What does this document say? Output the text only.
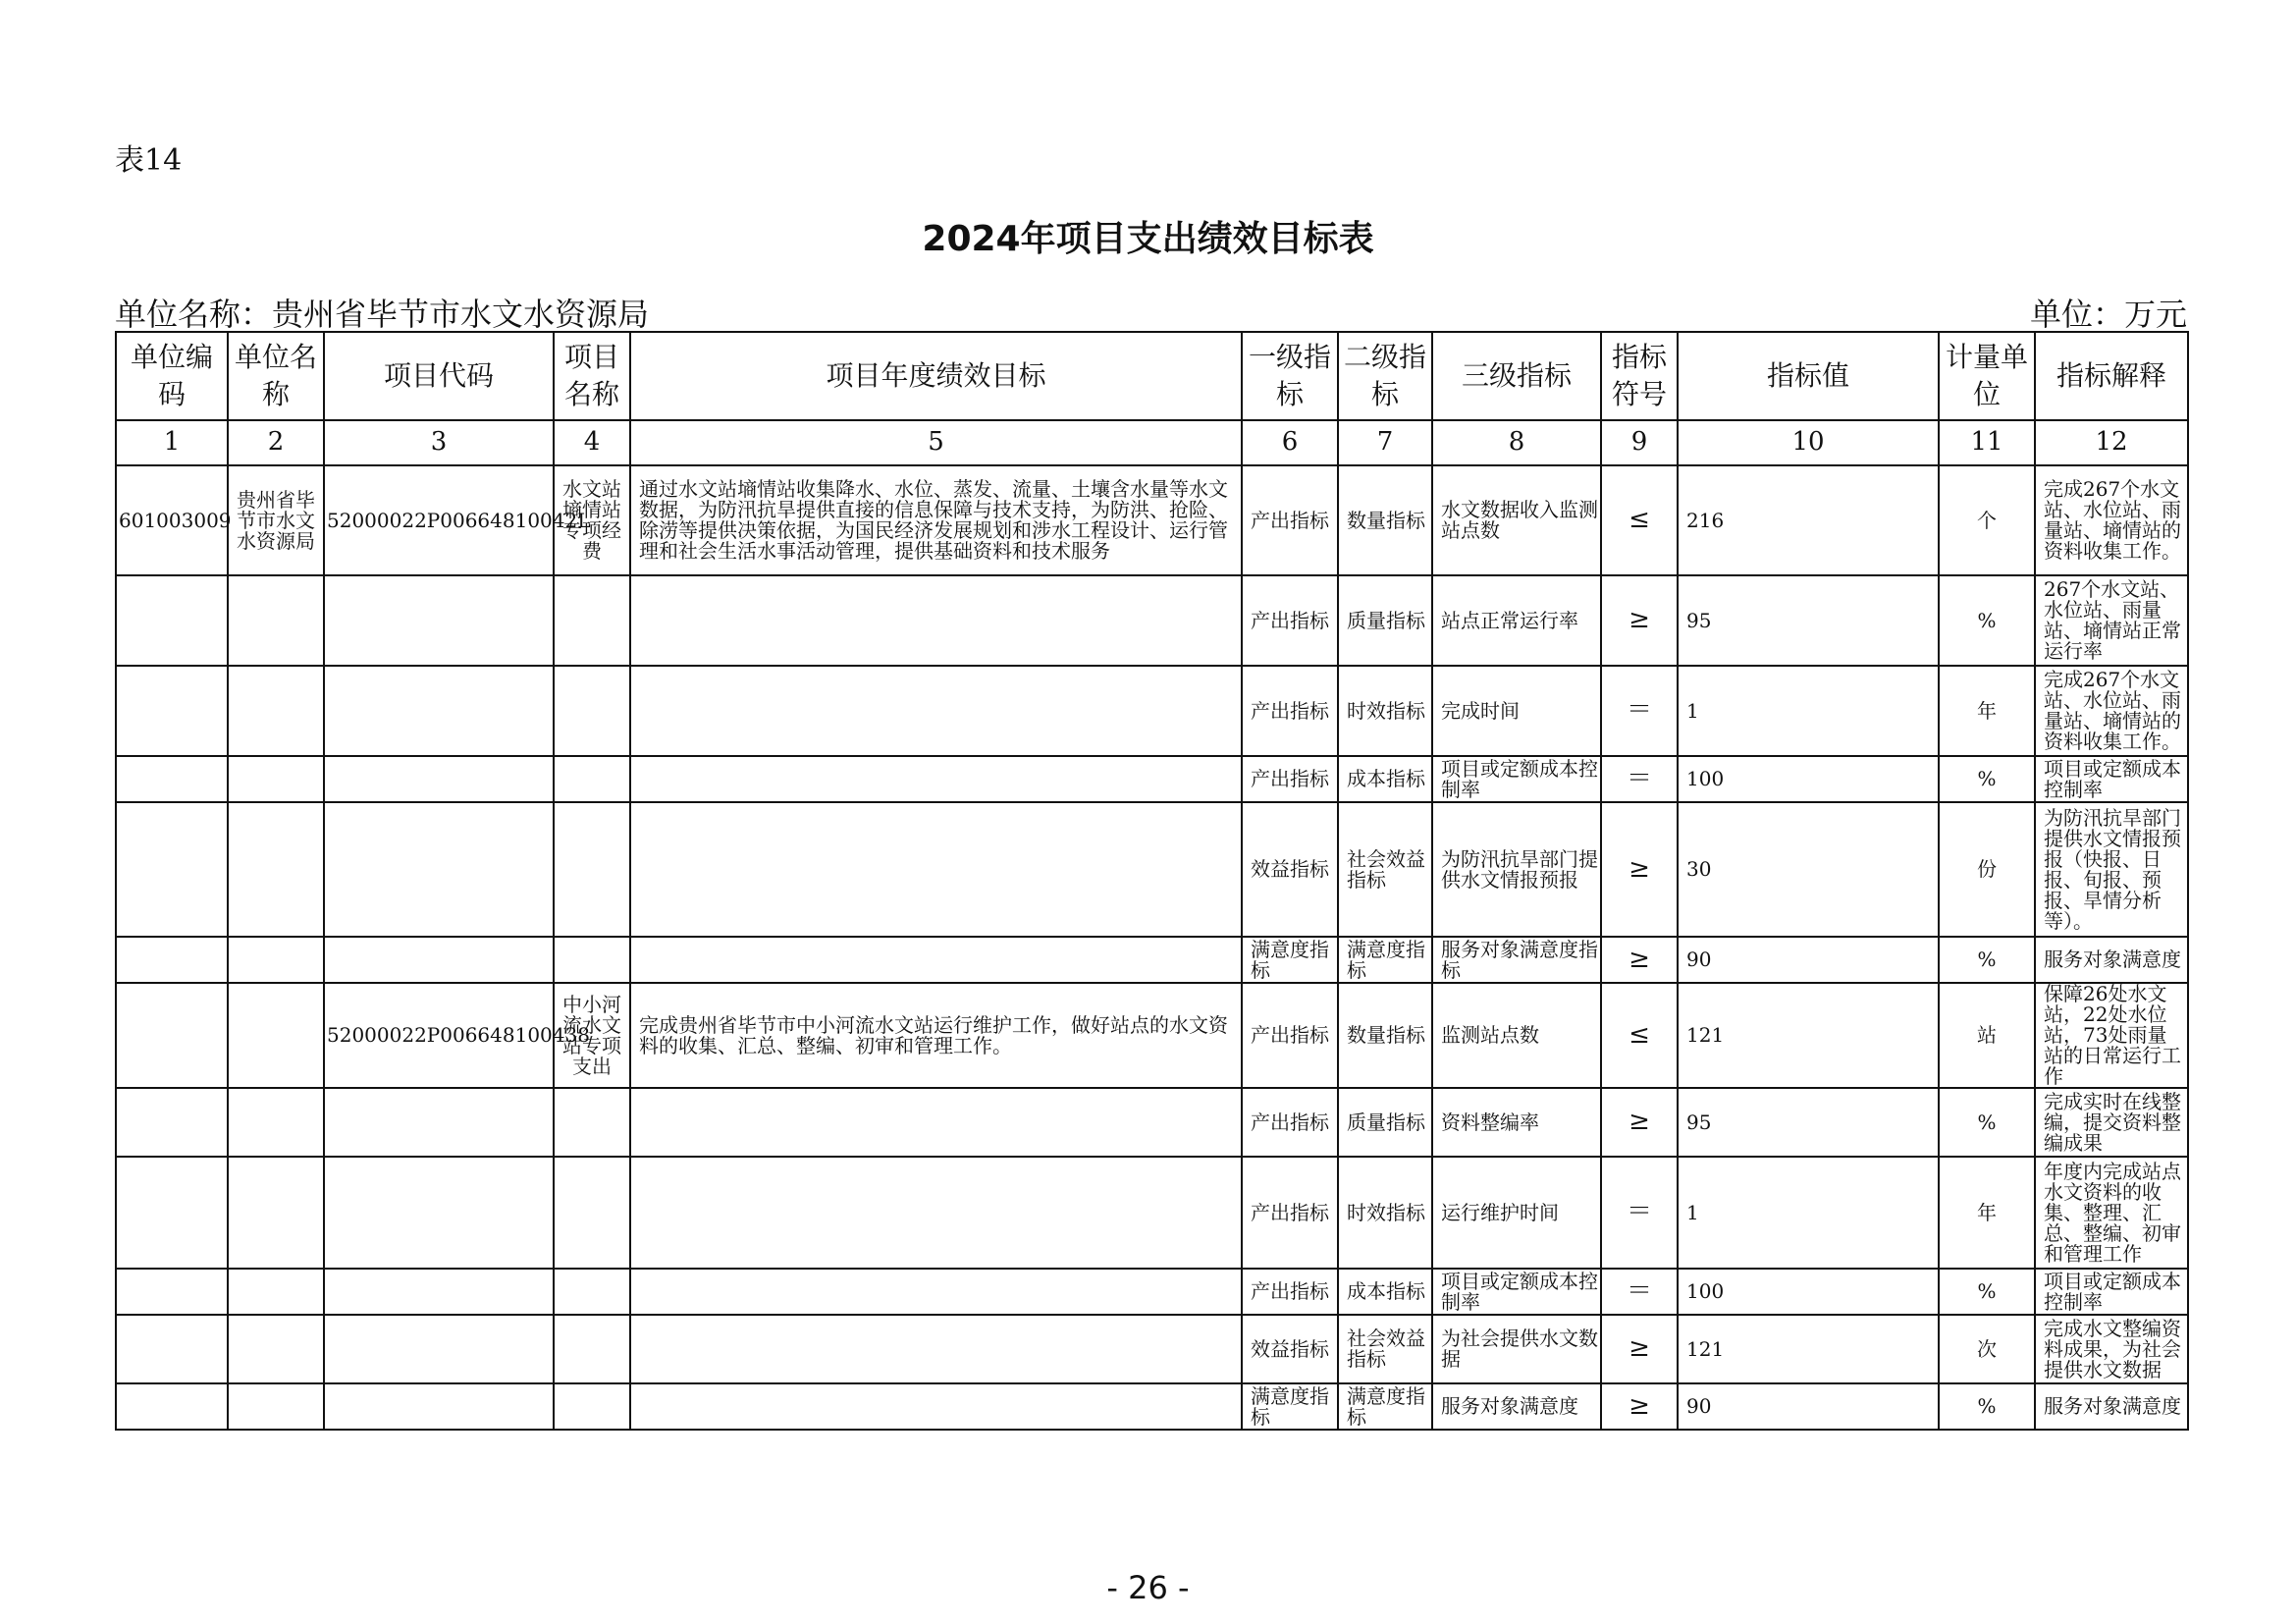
表14
2024年项目支出绩效目标表
单位名称：贵州省毕节市水文水资源局	单位：万元
单位编码	单位名称	项目代码	项目名称	项目年度绩效目标	一级指标	二级指标	三级指标	指标符号	指标值	计量单位	指标解释
1	2	3	4	5	6	7	8	9	10	11	12
601003009	贵州省毕节市水文水资源局	52000022P00664810042L	水文站墒情站专项经费	通过水文站墒情站收集降水、水位、蒸发、流量、土壤含水量等水文数据，为防汛抗旱提供直接的信息保障与技术支持，为防洪、抢险、除涝等提供决策依据，为国民经济发展规划和涉水工程设计、运行管理和社会生活水事活动管理，提供基础资料和技术服务	产出指标	数量指标	水文数据收入监测站点数	≤	216	个	完成267个水文站、水位站、雨量站、墒情站的资料收集工作。
					产出指标	质量指标	站点正常运行率	≥	95	%	267个水文站、水位站、雨量站、墒情站正常运行率
					产出指标	时效指标	完成时间	＝	1	年	完成267个水文站、水位站、雨量站、墒情站的资料收集工作。
					产出指标	成本指标	项目或定额成本控制率	＝	100	%	项目或定额成本控制率
					效益指标	社会效益指标	为防汛抗旱部门提供水文情报预报	≥	30	份	为防汛抗旱部门提供水文情报预报（快报、日报、旬报、预报、旱情分析等）。
					满意度指标	满意度指标	服务对象满意度指标	≥	90	%	服务对象满意度
		52000022P006648100438	中小河流水文站专项支出	完成贵州省毕节市中小河流水文站运行维护工作，做好站点的水文资料的收集、汇总、整编、初审和管理工作。	产出指标	数量指标	监测站点数	≤	121	站	保障26处水文站，22处水位站，73处雨量站的日常运行工作
					产出指标	质量指标	资料整编率	≥	95	%	完成实时在线整编，提交资料整编成果
					产出指标	时效指标	运行维护时间	＝	1	年	年度内完成站点水文资料的收集、整理、汇总、整编、初审和管理工作
					产出指标	成本指标	项目或定额成本控制率	＝	100	%	项目或定额成本控制率
					效益指标	社会效益指标	为社会提供水文数据	≥	121	次	完成水文整编资料成果，为社会提供水文数据
					满意度指标	满意度指标	服务对象满意度	≥	90	%	服务对象满意度
- 26 -
